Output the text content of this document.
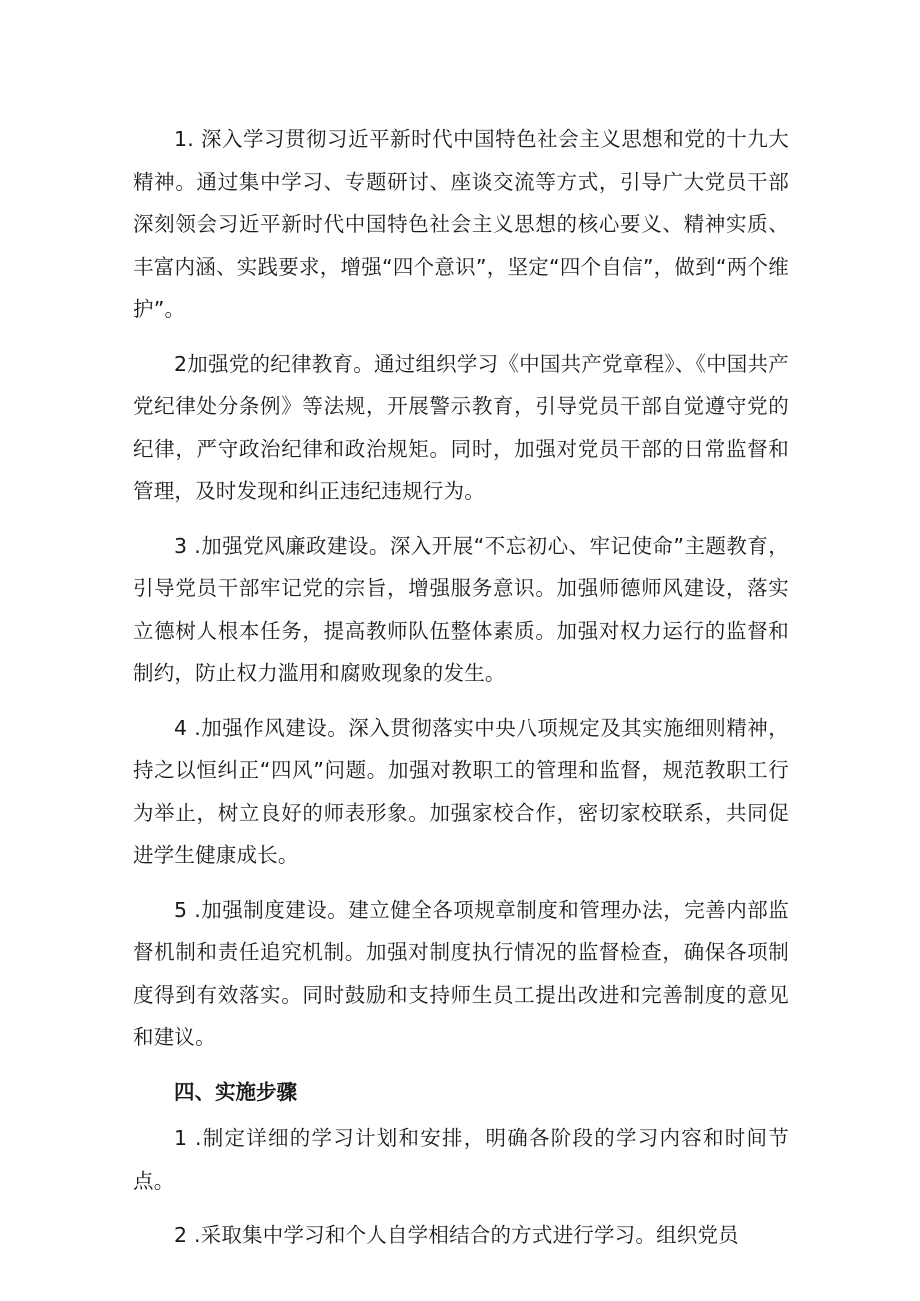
1. 深入学习贯彻习近平新时代中国特色社会主义思想和党的十九大精神。通过集中学习、专题研讨、座谈交流等方式，引导广大党员干部深刻领会习近平新时代中国特色社会主义思想的核心要义、精神实质、丰富内涵、实践要求，增强“四个意识”，坚定“四个自信”，做到“两个维护”。

2加强党的纪律教育。通过组织学习《中国共产党章程》、《中国共产党纪律处分条例》等法规，开展警示教育，引导党员干部自觉遵守党的纪律，严守政治纪律和政治规矩。同时，加强对党员干部的日常监督和管理，及时发现和纠正违纪违规行为。

3 .加强党风廉政建设。深入开展“不忘初心、牢记使命”主题教育，引导党员干部牢记党的宗旨，增强服务意识。加强师德师风建设，落实立德树人根本任务，提高教师队伍整体素质。加强对权力运行的监督和制约，防止权力滥用和腐败现象的发生。

4 .加强作风建设。深入贯彻落实中央八项规定及其实施细则精神，持之以恒纠正“四风”问题。加强对教职工的管理和监督，规范教职工行为举止，树立良好的师表形象。加强家校合作，密切家校联系，共同促进学生健康成长。

5 .加强制度建设。建立健全各项规章制度和管理办法，完善内部监督机制和责任追究机制。加强对制度执行情况的监督检查，确保各项制度得到有效落实。同时鼓励和支持师生员工提出改进和完善制度的意见和建议。

四、实施步骤

1 .制定详细的学习计划和安排，明确各阶段的学习内容和时间节点。

2 .采取集中学习和个人自学相结合的方式进行学习。组织党员
